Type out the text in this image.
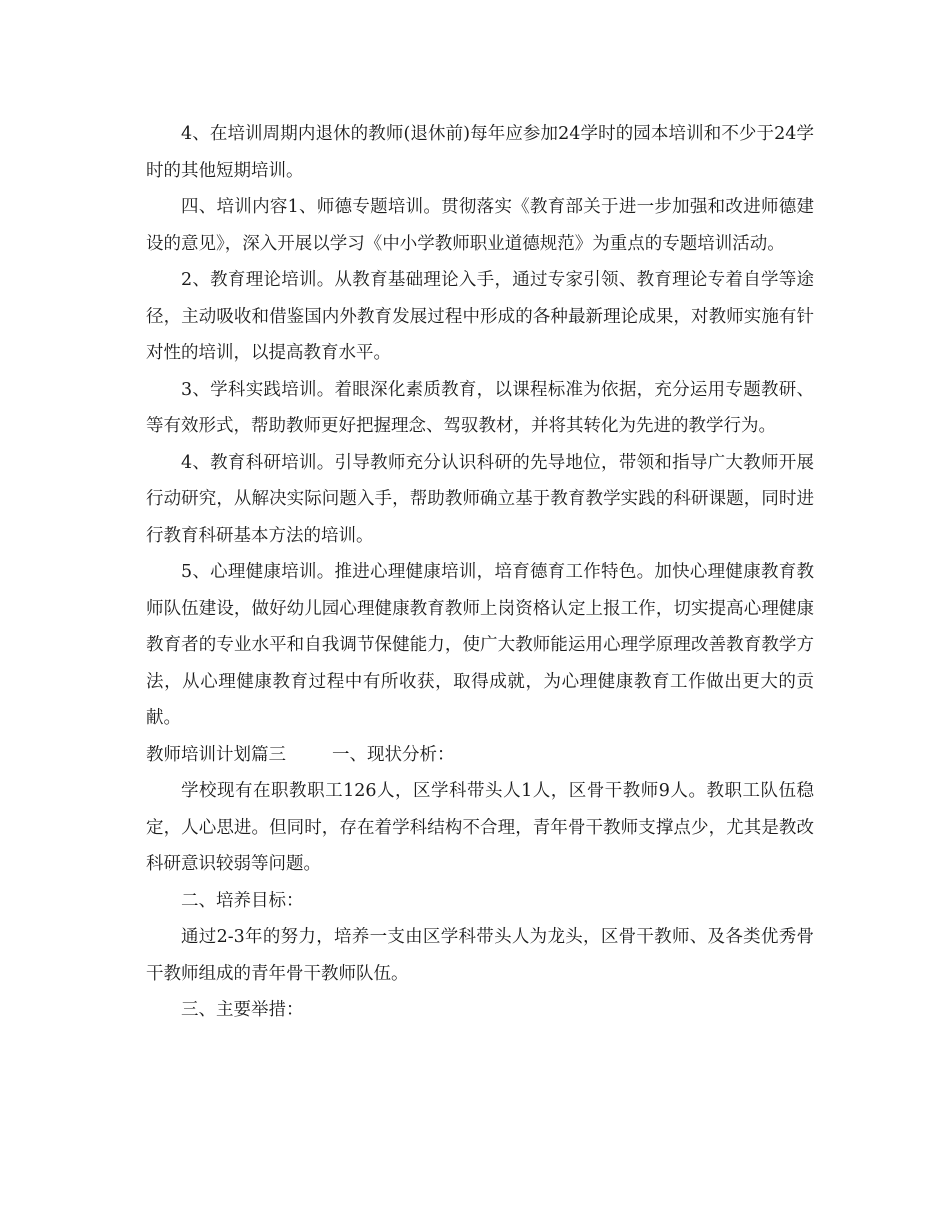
4、在培训周期内退休的教师(退休前)每年应参加24学时的园本培训和不少于24学时的其他短期培训。

四、培训内容1、师德专题培训。贯彻落实《教育部关于进一步加强和改进师德建设的意见》，深入开展以学习《中小学教师职业道德规范》为重点的专题培训活动。

2、教育理论培训。从教育基础理论入手，通过专家引领、教育理论专着自学等途径，主动吸收和借鉴国内外教育发展过程中形成的各种最新理论成果，对教师实施有针对性的培训，以提高教育水平。

3、学科实践培训。着眼深化素质教育，以课程标准为依据，充分运用专题教研、等有效形式，帮助教师更好把握理念、驾驭教材，并将其转化为先进的教学行为。

4、教育科研培训。引导教师充分认识科研的先导地位，带领和指导广大教师开展行动研究，从解决实际问题入手，帮助教师确立基于教育教学实践的科研课题，同时进行教育科研基本方法的培训。

5、心理健康培训。推进心理健康培训，培育德育工作特色。加快心理健康教育教师队伍建设，做好幼儿园心理健康教育教师上岗资格认定上报工作，切实提高心理健康教育者的专业水平和自我调节保健能力，使广大教师能运用心理学原理改善教育教学方法，从心理健康教育过程中有所收获，取得成就，为心理健康教育工作做出更大的贡献。

教师培训计划篇三	一、现状分析：

学校现有在职教职工126人，区学科带头人1人，区骨干教师9人。教职工队伍稳定，人心思进。但同时，存在着学科结构不合理，青年骨干教师支撑点少，尤其是教改科研意识较弱等问题。

二、培养目标：

通过2-3年的努力，培养一支由区学科带头人为龙头，区骨干教师、及各类优秀骨干教师组成的青年骨干教师队伍。

三、主要举措：
